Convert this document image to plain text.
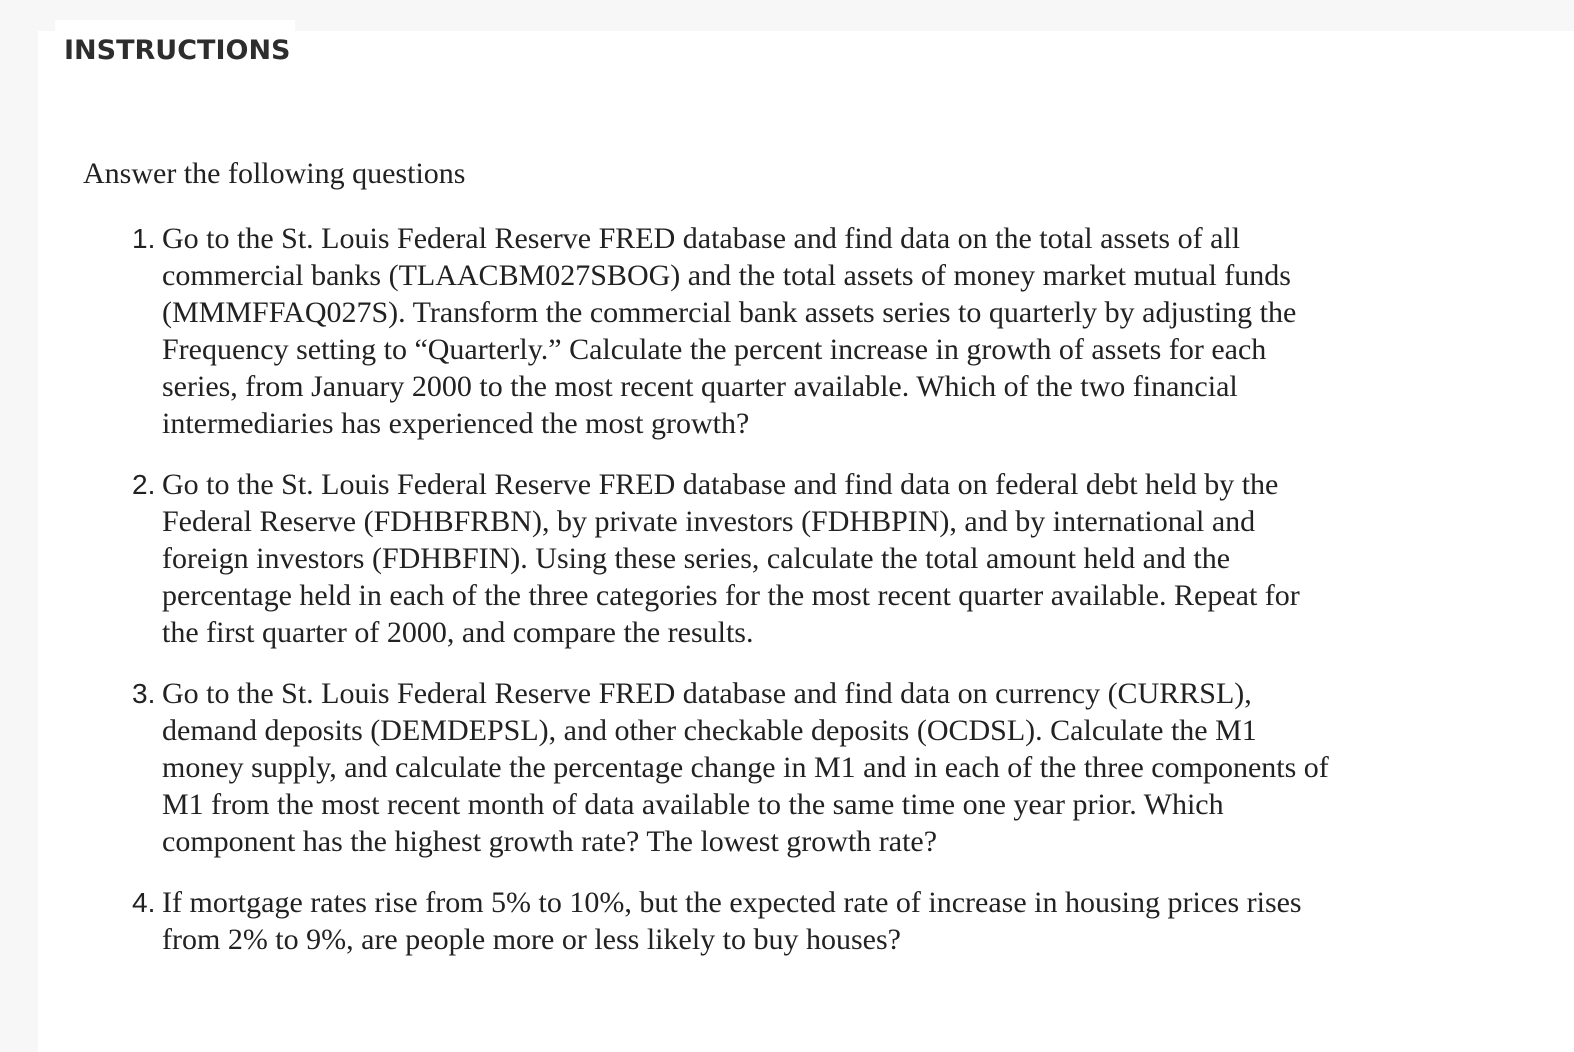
INSTRUCTIONS

Answer the following questions

1. Go to the St. Louis Federal Reserve FRED database and find data on the total assets of all commercial banks (TLAACBM027SBOG) and the total assets of money market mutual funds (MMMFFAQ027S). Transform the commercial bank assets series to quarterly by adjusting the Frequency setting to “Quarterly.” Calculate the percent increase in growth of assets for each series, from January 2000 to the most recent quarter available. Which of the two financial intermediaries has experienced the most growth?
2. Go to the St. Louis Federal Reserve FRED database and find data on federal debt held by the Federal Reserve (FDHBFRBN), by private investors (FDHBPIN), and by international and foreign investors (FDHBFIN). Using these series, calculate the total amount held and the percentage held in each of the three categories for the most recent quarter available. Repeat for the first quarter of 2000, and compare the results.
3. Go to the St. Louis Federal Reserve FRED database and find data on currency (CURRSL), demand deposits (DEMDEPSL), and other checkable deposits (OCDSL). Calculate the M1 money supply, and calculate the percentage change in M1 and in each of the three components of M1 from the most recent month of data available to the same time one year prior. Which component has the highest growth rate? The lowest growth rate?
4. If mortgage rates rise from 5% to 10%, but the expected rate of increase in housing prices rises from 2% to 9%, are people more or less likely to buy houses?
